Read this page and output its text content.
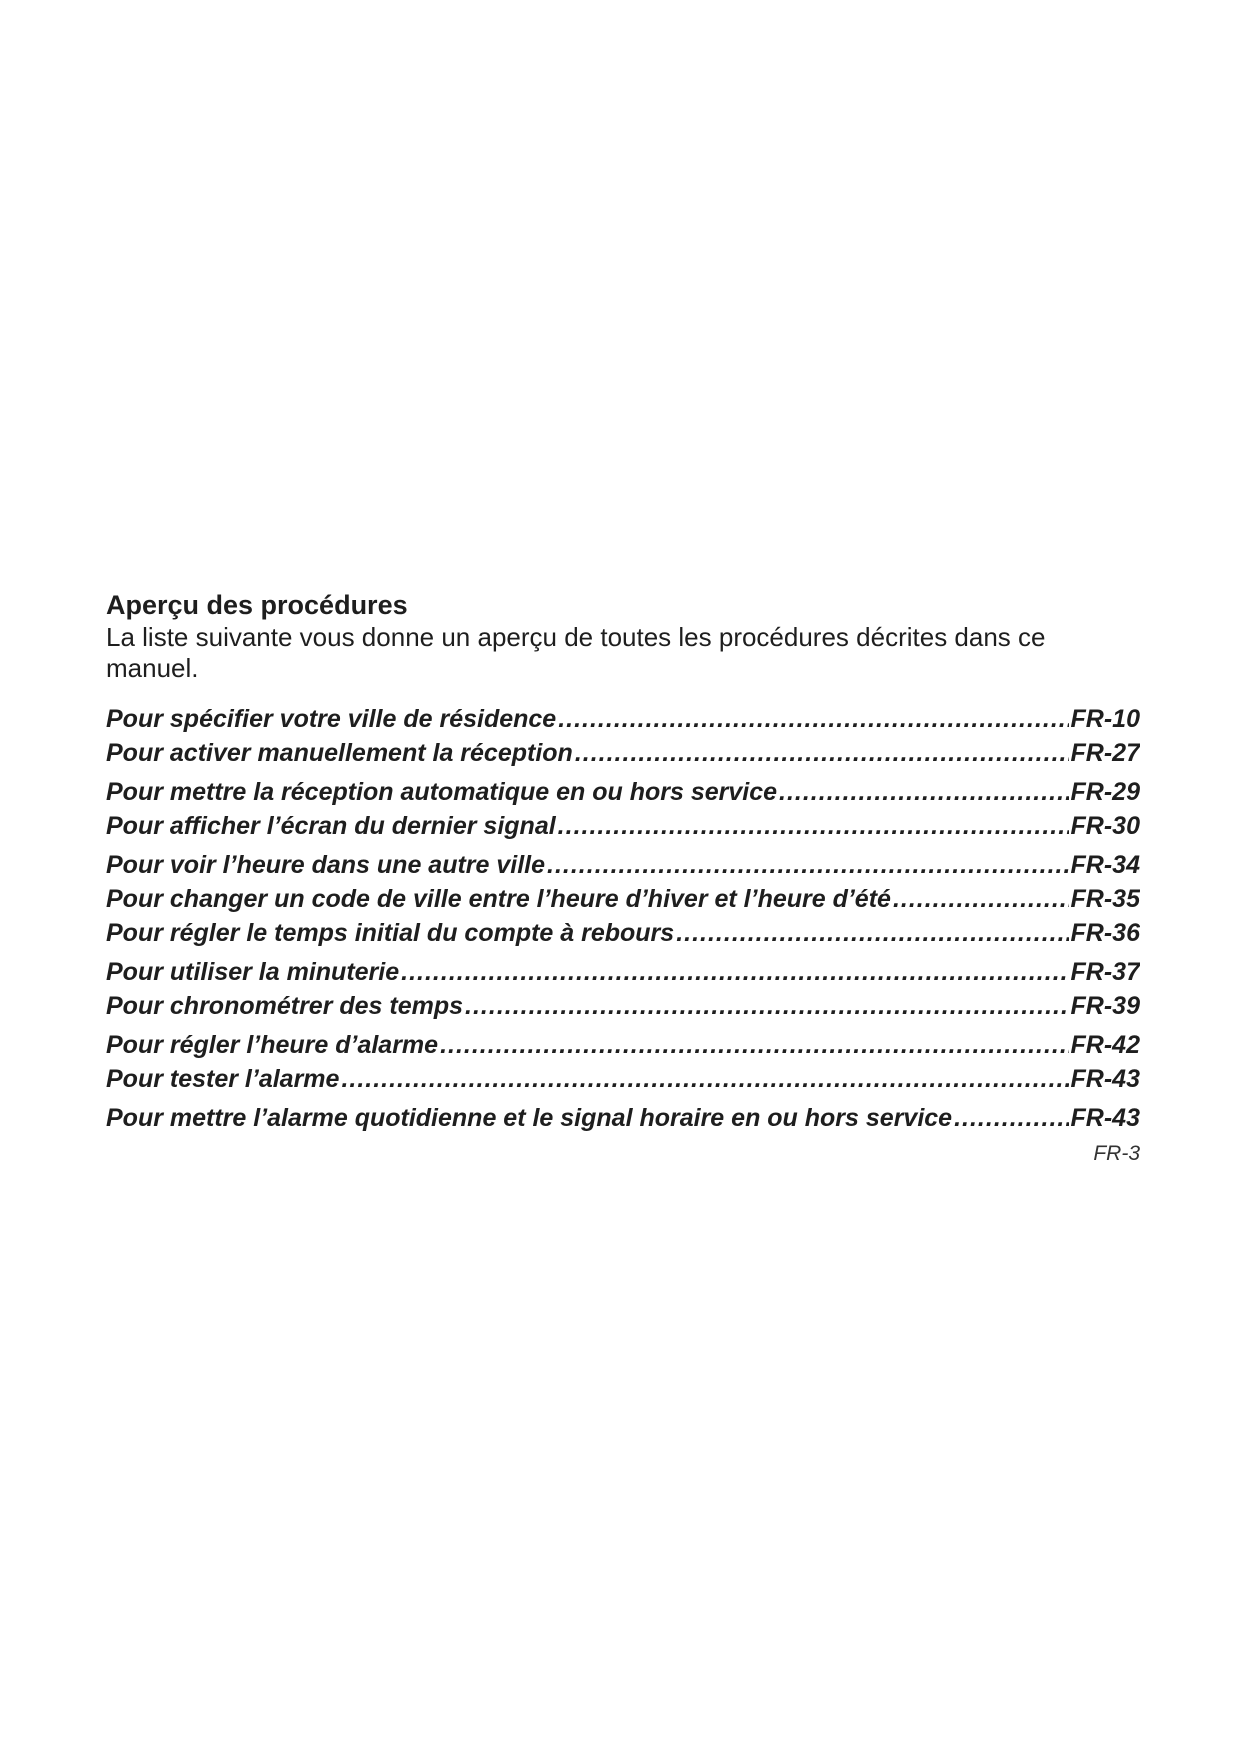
Aperçu des procédures

La liste suivante vous donne un aperçu de toutes les procédures décrites dans ce manuel.

Pour spécifier votre ville de résidence .....	FR-10
Pour activer manuellement la réception .....	FR-27
Pour mettre la réception automatique en ou hors service .....	FR-29
Pour afficher l’écran du dernier signal .....	FR-30
Pour voir l’heure dans une autre ville .....	FR-34
Pour changer un code de ville entre l’heure d’hiver et l’heure d’été .....	FR-35
Pour régler le temps initial du compte à rebours .....	FR-36
Pour utiliser la minuterie .....	FR-37
Pour chronométrer des temps .....	FR-39
Pour régler l’heure d’alarme .....	FR-42
Pour tester l’alarme .....	FR-43
Pour mettre l’alarme quotidienne et le signal horaire en ou hors service .....	FR-43
FR-3
